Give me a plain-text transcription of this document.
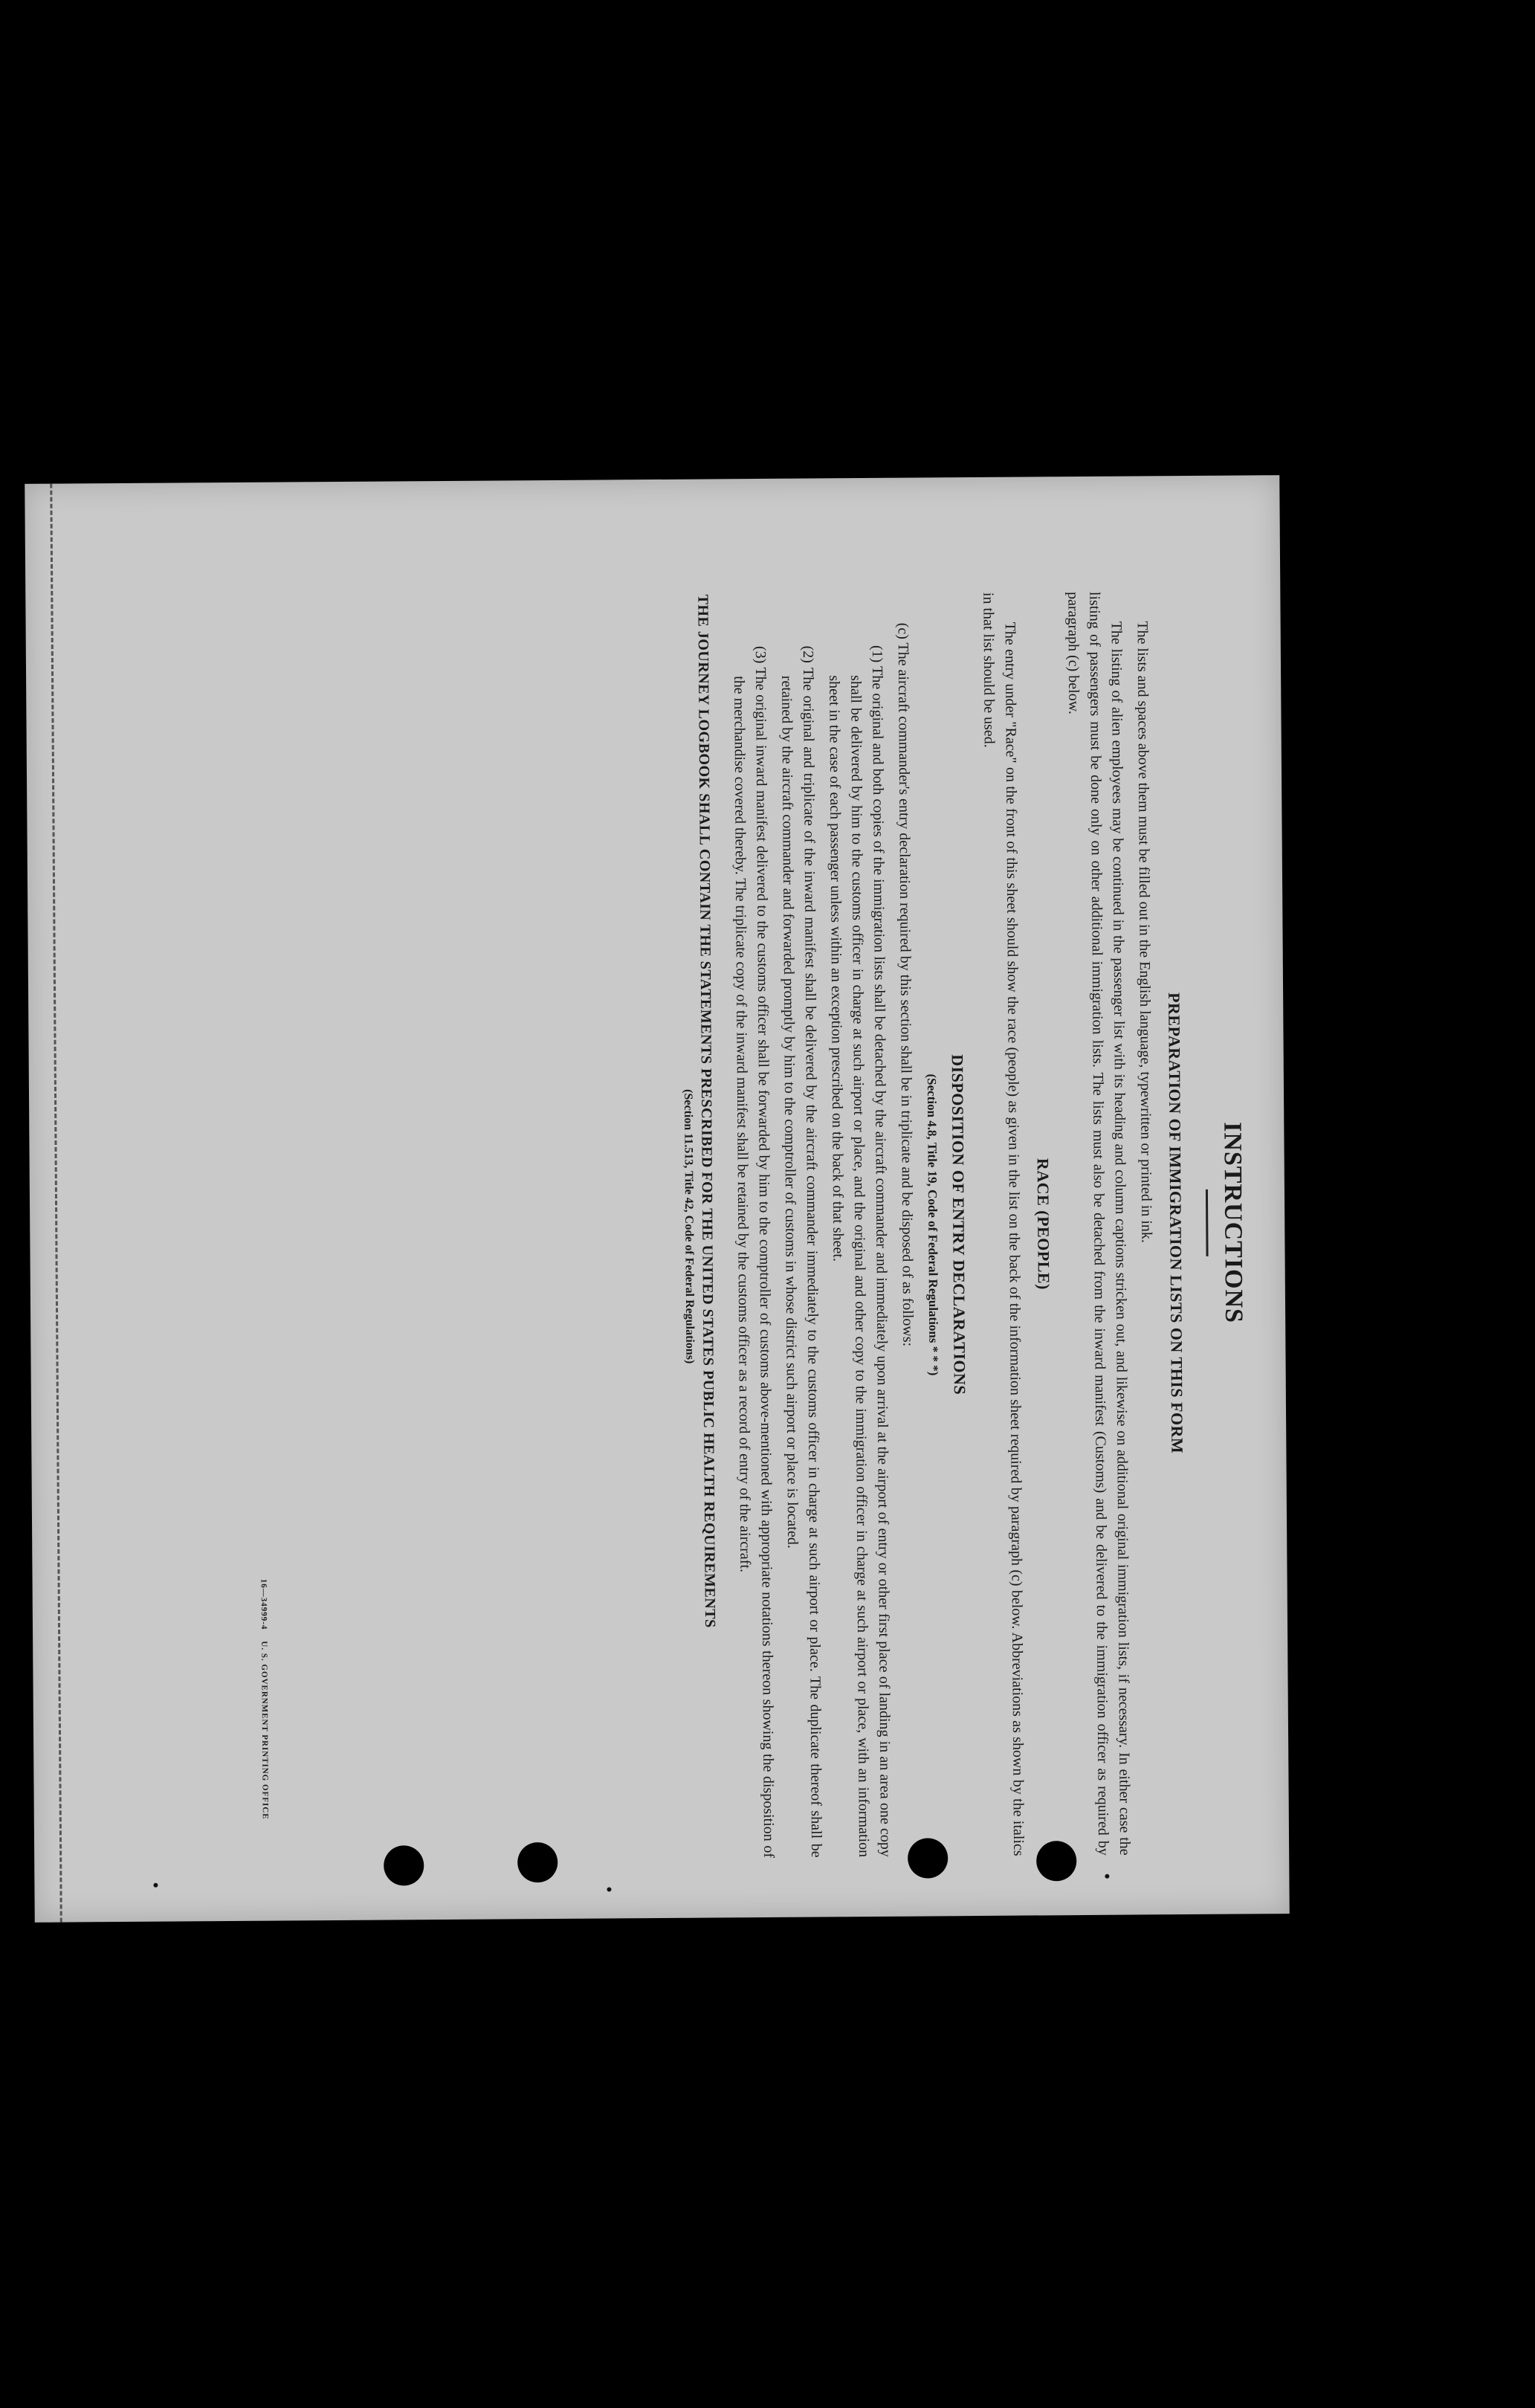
INSTRUCTIONS
PREPARATION OF IMMIGRATION LISTS ON THIS FORM

The lists and spaces above them must be filled out in the English language, typewritten or printed in ink.

The listing of alien employees may be continued in the passenger list with its heading and column captions stricken out, and likewise on additional original immigration lists, if necessary. In either case the listing of passengers must be done only on other additional immigration lists. The lists must also be detached from the inward manifest (Customs) and be delivered to the immigration officer as required by paragraph (c) below.

RACE (PEOPLE)

The entry under "Race" on the front of this sheet should show the race (people) as given in the list on the back of the information sheet required by paragraph (c) below. Abbreviations as shown by the italics in that list should be used.

DISPOSITION OF ENTRY DECLARATIONS
(Section 4.8, Title 19, Code of Federal Regulations * * *)

(c) The aircraft commander's entry declaration required by this section shall be in triplicate and be disposed of as follows:

(1) The original and both copies of the immigration lists shall be detached by the aircraft commander and immediately upon arrival at the airport of entry or other first place of landing in an area one copy shall be delivered by him to the customs officer in charge at such airport or place, and the original and other copy to the immigration officer in charge at such airport or place, with an information sheet in the case of each passenger unless within an exception prescribed on the back of that sheet.

(2) The original and triplicate of the inward manifest shall be delivered by the aircraft commander immediately to the customs officer in charge at such airport or place. The duplicate thereof shall be retained by the aircraft commander and forwarded promptly by him to the comptroller of customs in whose district such airport or place is located.

(3) The original inward manifest delivered to the customs officer shall be forwarded by him to the comptroller of customs above-mentioned with appropriate notations thereon showing the disposition of the merchandise covered thereby. The triplicate copy of the inward manifest shall be retained by the customs officer as a record of entry of the aircraft.

THE JOURNEY LOGBOOK SHALL CONTAIN THE STATEMENTS PRESCRIBED FOR THE UNITED STATES PUBLIC HEALTH REQUIREMENTS
(Section 11.513, Title 42, Code of Federal Regulations)
16—34999-4    U. S. GOVERNMENT PRINTING OFFICE
